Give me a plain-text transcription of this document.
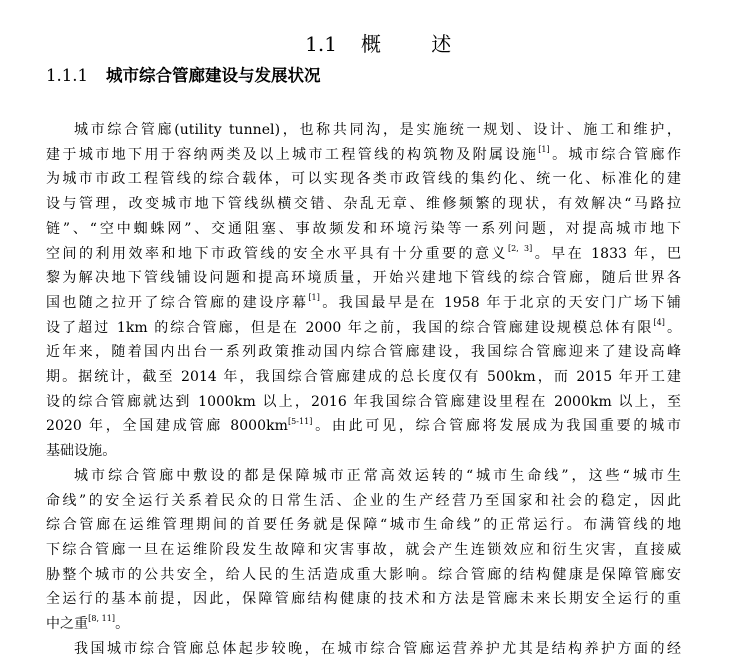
1.1 概 述

1.1.1 城市综合管廊建设与发展状况
城市综合管廊(utility tunnel)，也称共同沟，是实施统一规划、设计、施工和维护，
建于城市地下用于容纳两类及以上城市工程管线的构筑物及附属设施[1]。城市综合管廊作
为城市市政工程管线的综合载体，可以实现各类市政管线的集约化、统一化、标准化的建
设与管理，改变城市地下管线纵横交错、杂乱无章、维修频繁的现状，有效解决“马路拉
链”、“空中蜘蛛网”、交通阻塞、事故频发和环境污染等一系列问题，对提高城市地下
空间的利用效率和地下市政管线的安全水平具有十分重要的意义[2, 3]。早在 1833 年，巴
黎为解决地下管线铺设问题和提高环境质量，开始兴建地下管线的综合管廊，随后世界各
国也随之拉开了综合管廊的建设序幕[1]。我国最早是在 1958 年于北京的天安门广场下铺
设了超过 1km 的综合管廊，但是在 2000 年之前，我国的综合管廊建设规模总体有限[4]。
近年来，随着国内出台一系列政策推动国内综合管廊建设，我国综合管廊迎来了建设高峰
期。据统计，截至 2014 年，我国综合管廊建成的总长度仅有 500km，而 2015 年开工建
设的综合管廊就达到 1000km 以上，2016 年我国综合管廊建设里程在 2000km 以上，至
2020 年，全国建成管廊 8000km[5-11]。由此可见，综合管廊将发展成为我国重要的城市
基础设施。
城市综合管廊中敷设的都是保障城市正常高效运转的“城市生命线”，这些“城市生
命线”的安全运行关系着民众的日常生活、企业的生产经营乃至国家和社会的稳定，因此
综合管廊在运维管理期间的首要任务就是保障“城市生命线”的正常运行。布满管线的地
下综合管廊一旦在运维阶段发生故障和灾害事故，就会产生连锁效应和衍生灾害，直接威
胁整个城市的公共安全，给人民的生活造成重大影响。综合管廊的结构健康是保障管廊安
全运行的基本前提，因此，保障管廊结构健康的技术和方法是管廊未来长期安全运行的重
中之重[8, 11]。
我国城市综合管廊总体起步较晚，在城市综合管廊运营养护尤其是结构养护方面的经
